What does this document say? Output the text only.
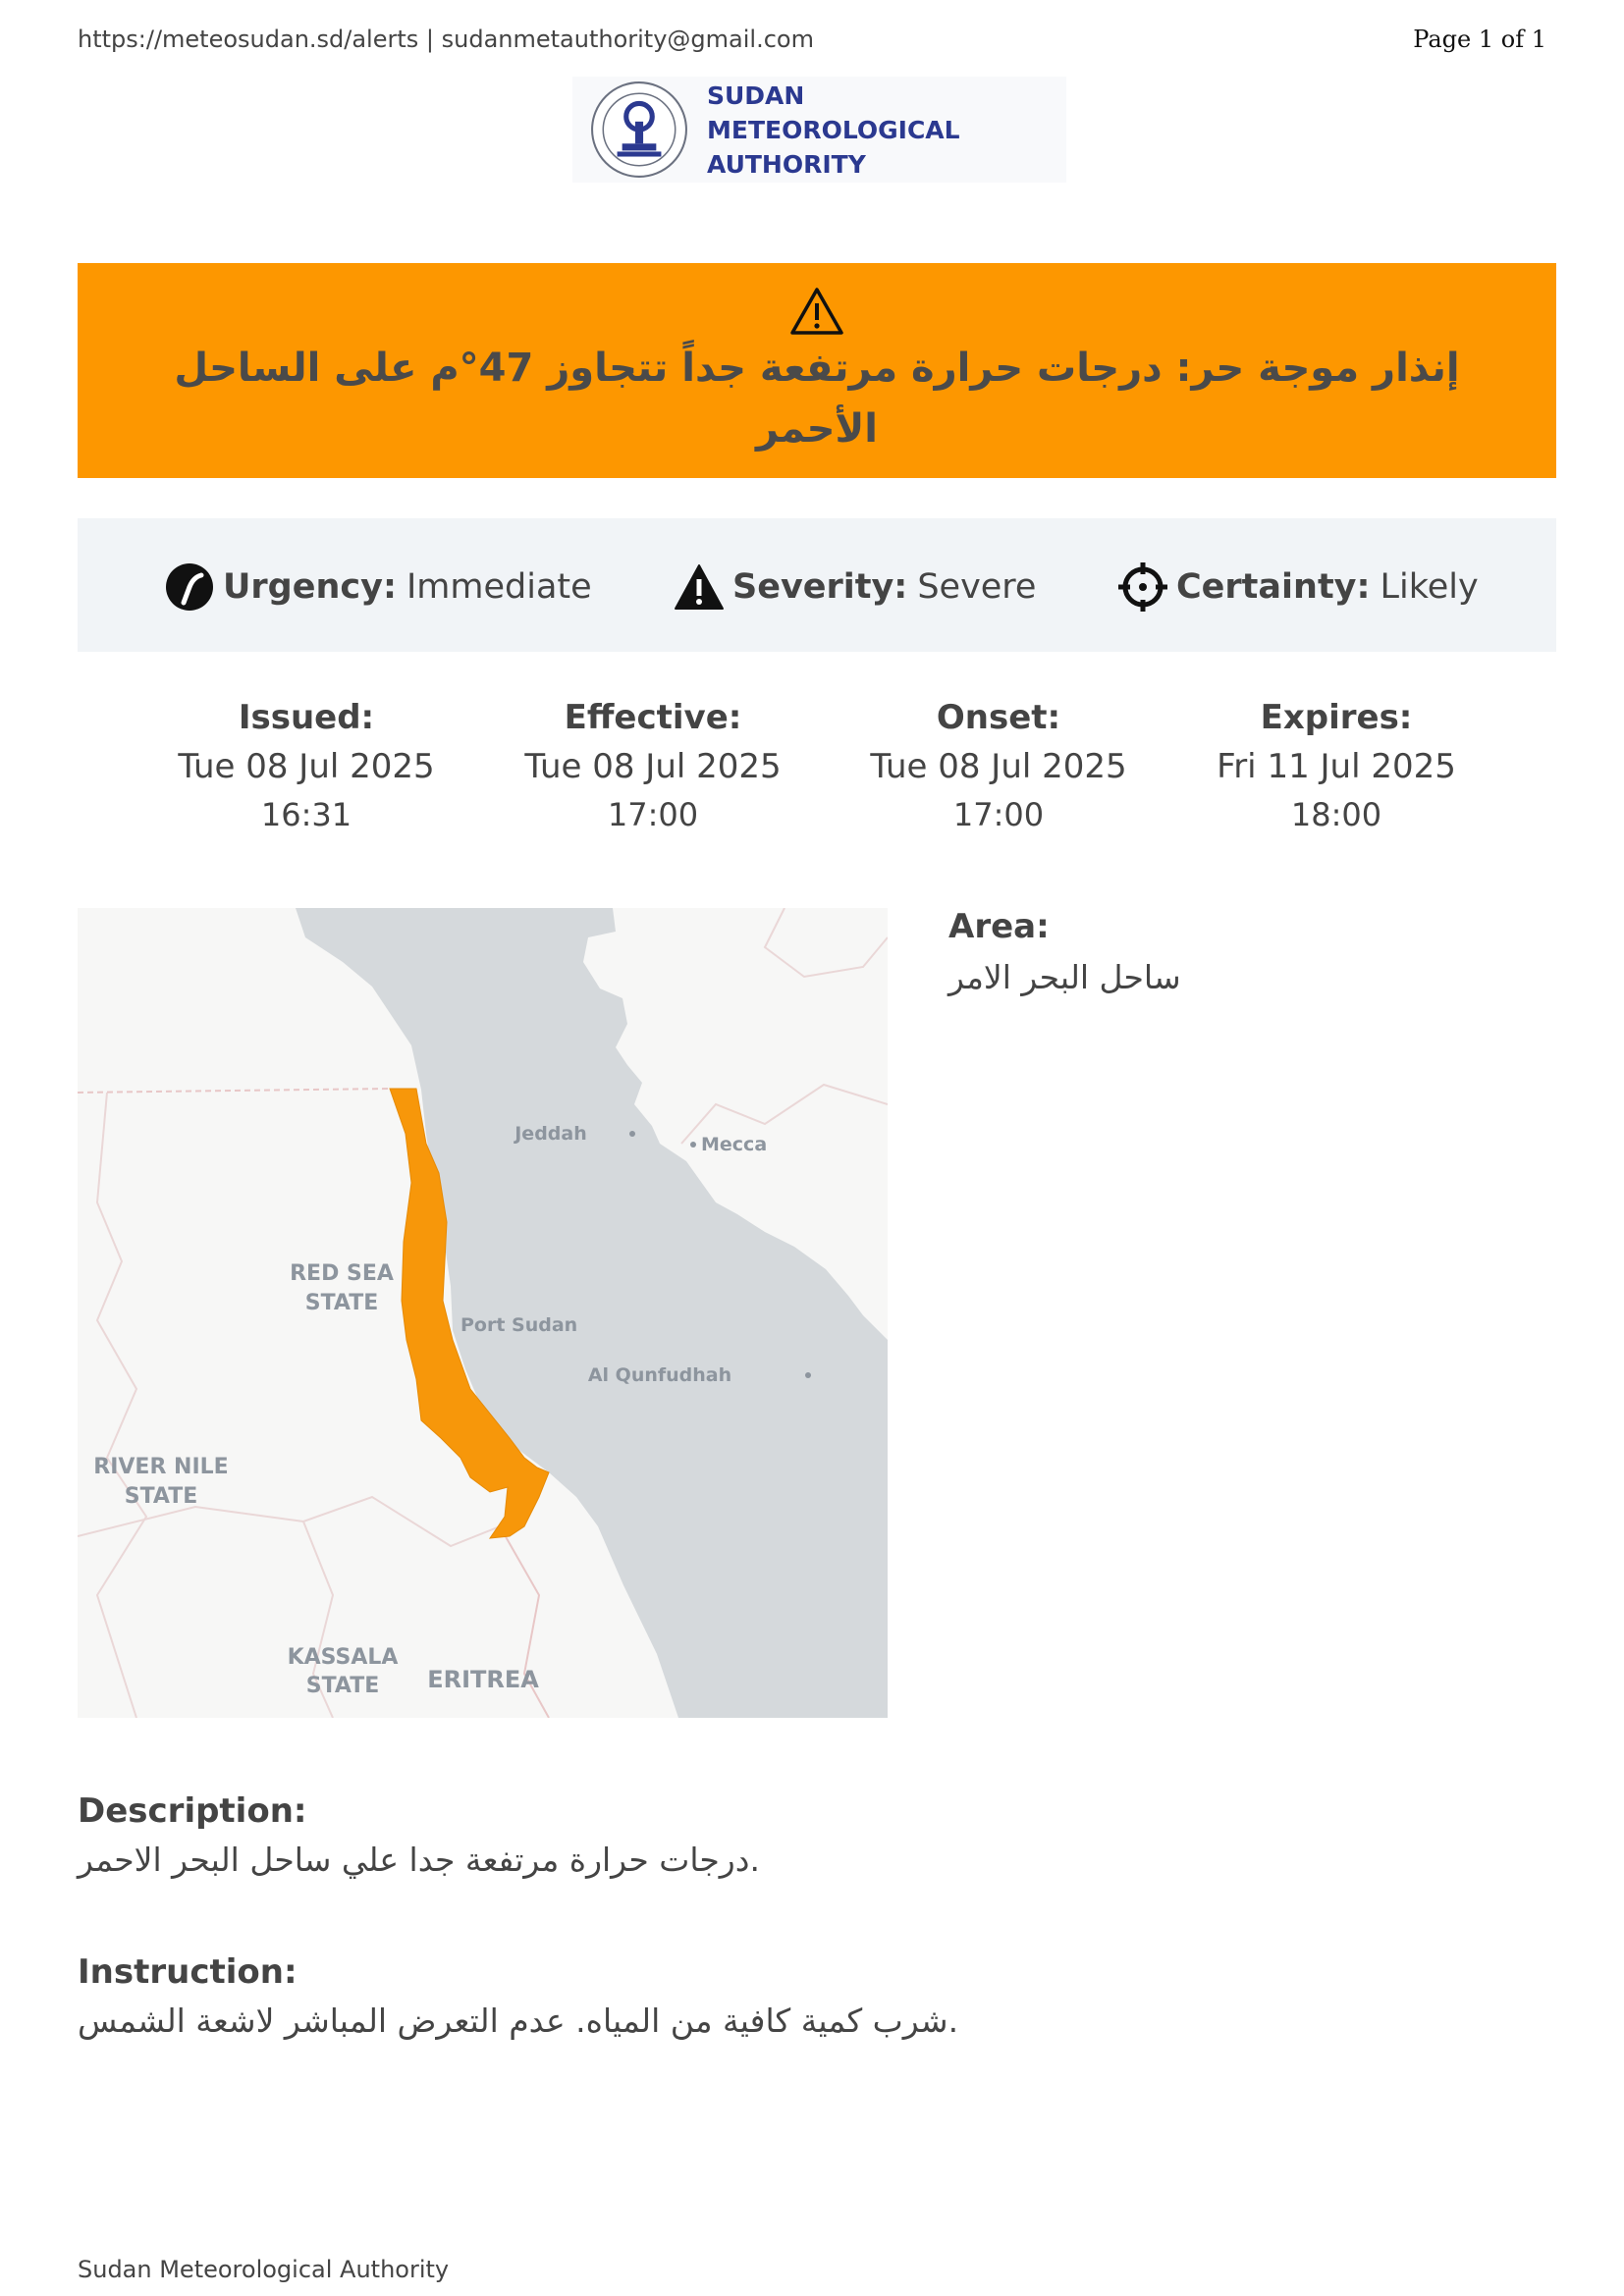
https://meteosudan.sd/alerts | sudanmetauthority@gmail.com	Page 1 of 1
SUDAN
METEOROLOGICAL
AUTHORITY
إنذار موجة حر: درجات حرارة مرتفعة جداً تتجاوز 47°م على الساحل الأحمر
Urgency: Immediate	Severity: Severe	Certainty: Likely
Issued:
Tue 08 Jul 2025
16:31
Effective:
Tue 08 Jul 2025
17:00
Onset:
Tue 08 Jul 2025
17:00
Expires:
Fri 11 Jul 2025
18:00
Jeddah	Mecca
RED SEA
STATE
Port Sudan
Al Qunfudhah
RIVER NILE
STATE
KASSALA
STATE ERITREA
Area:
ساحل البحر الامر
Description:
درجات حرارة مرتفعة جدا علي ساحل البحر الاحمر.
Instruction:
شرب كمية كافية من المياه. عدم التعرض المباشر لاشعة الشمس.
Sudan Meteorological Authority
